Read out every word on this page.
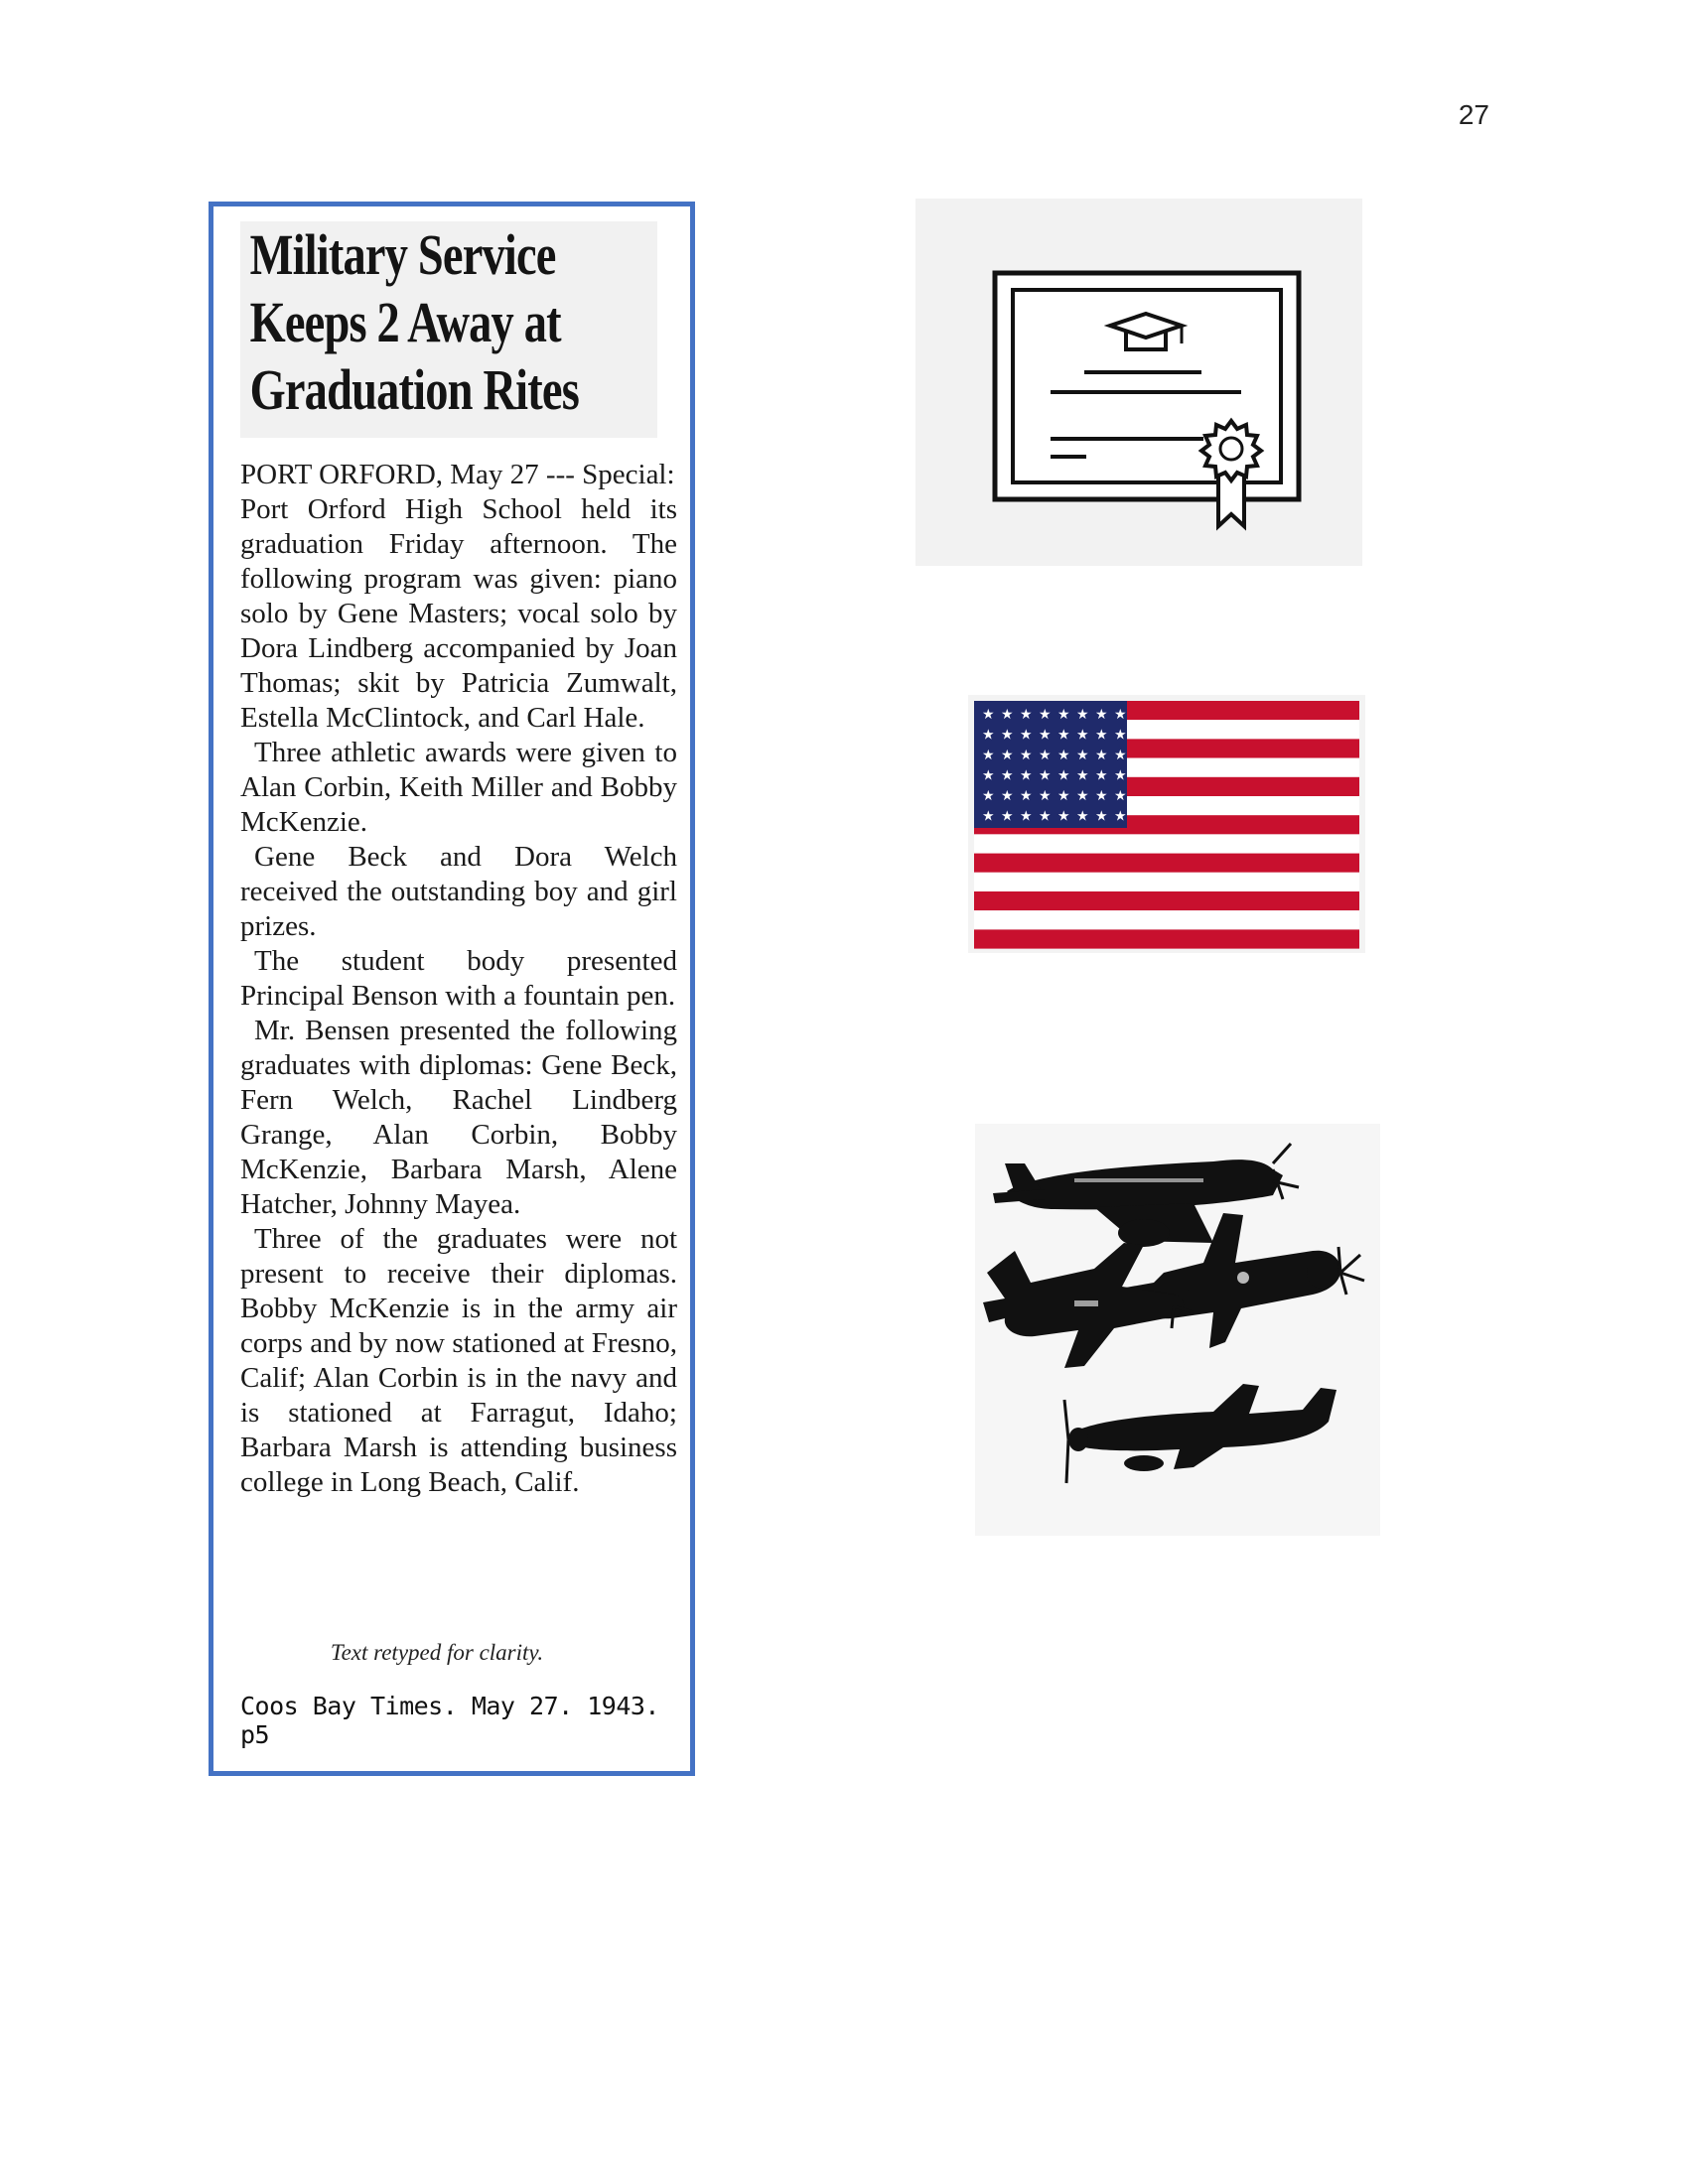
27
Military Service
Keeps 2 Away at
Graduation Rites

PORT ORFORD, May 27 --- Special:

Port Orford High School held its graduation Friday afternoon. The following program was given: piano solo by Gene Masters; vocal solo by Dora Lindberg accompanied by Joan Thomas; skit by Patricia Zumwalt, Estella McClintock, and Carl Hale.

Three athletic awards were given to Alan Corbin, Keith Miller and Bobby McKenzie.

Gene Beck and Dora Welch received the outstanding boy and girl prizes.

The student body presented Principal Benson with a fountain pen.

Mr. Bensen presented the following graduates with diplomas: Gene Beck, Fern Welch, Rachel Lindberg Grange, Alan Corbin, Bobby McKenzie, Barbara Marsh, Alene Hatcher, Johnny Mayea.

Three of the graduates were not present to receive their diplomas. Bobby McKenzie is in the army air corps and by now stationed at Fresno, Calif; Alan Corbin is in the navy and is stationed at Farragut, Idaho; Barbara Marsh is attending business college in Long Beach, Calif.

Text retyped for clarity.
Coos Bay Times. May 27. 1943. p5
★ ★ ★ ★ ★ ★ ★ ★
★ ★ ★ ★ ★ ★ ★ ★
★ ★ ★ ★ ★ ★ ★ ★
★ ★ ★ ★ ★ ★ ★ ★
★ ★ ★ ★ ★ ★ ★ ★
★ ★ ★ ★ ★ ★ ★ ★
